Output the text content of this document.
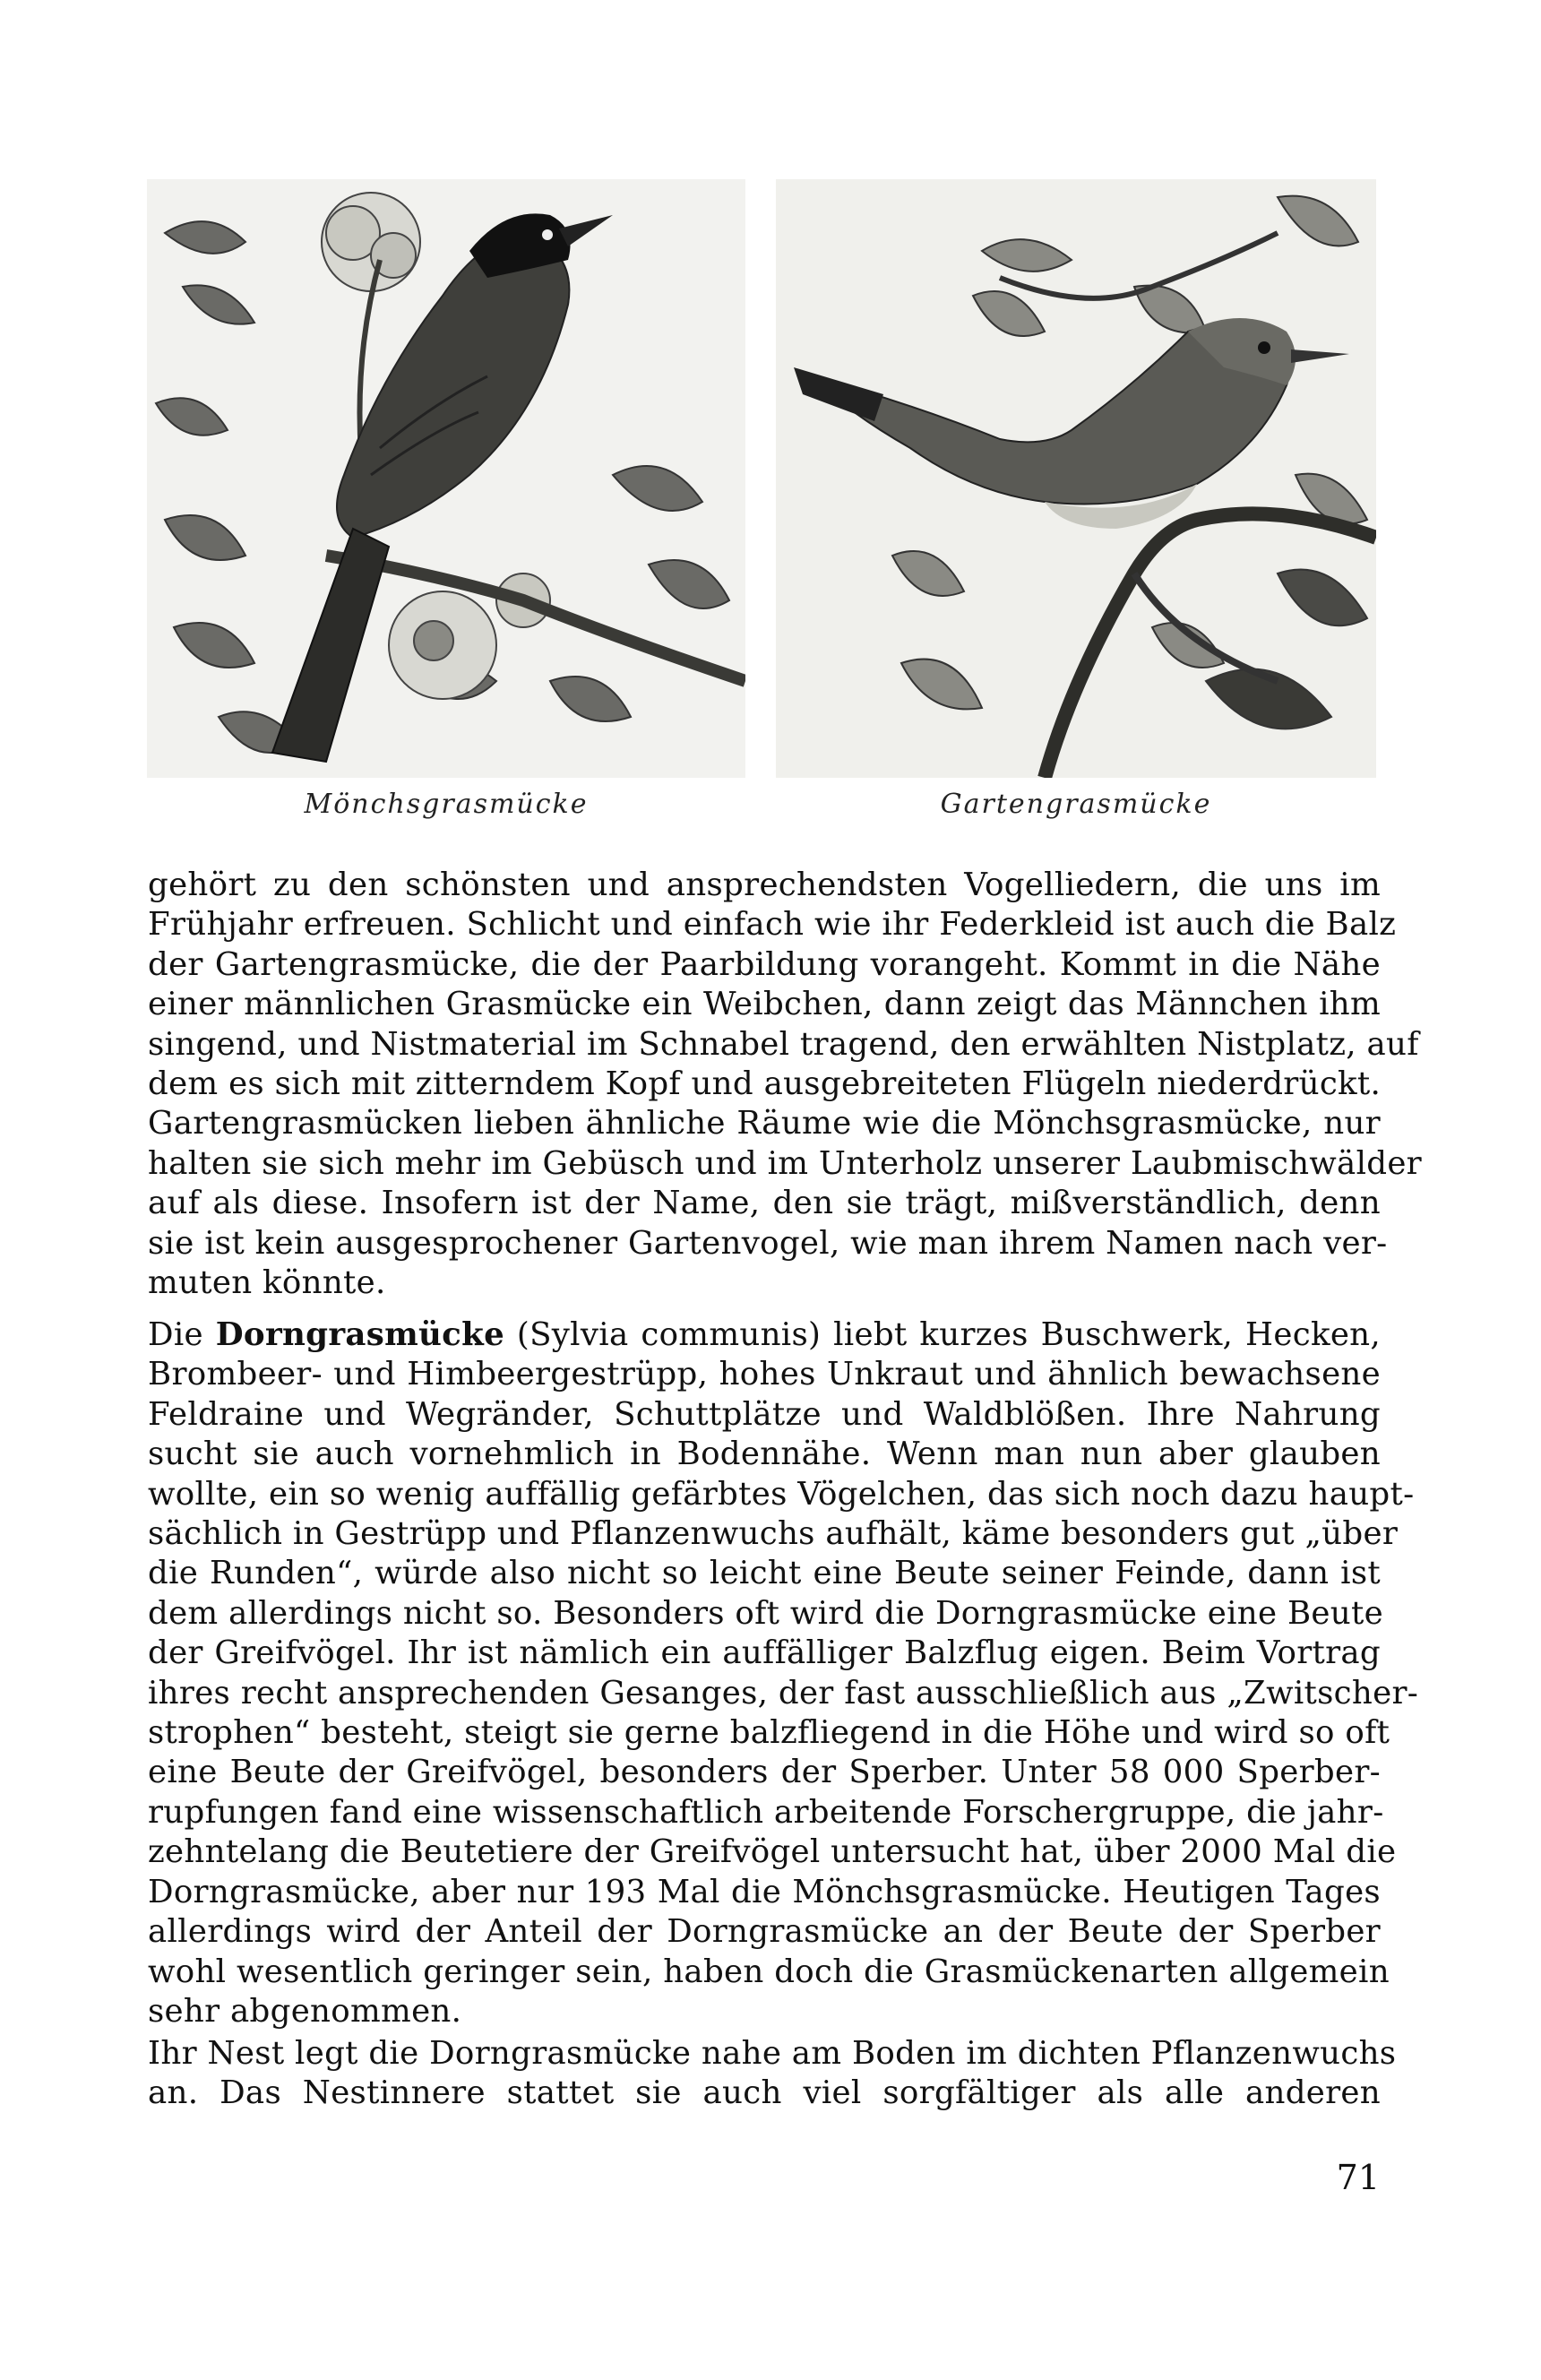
Mönchsgrasmücke	Gartengrasmücke
gehört zu den schönsten und ansprechendsten Vogelliedern, die uns im
Frühjahr erfreuen. Schlicht und einfach wie ihr Federkleid ist auch die Balz
der Gartengrasmücke, die der Paarbildung vorangeht. Kommt in die Nähe
einer männlichen Grasmücke ein Weibchen, dann zeigt das Männchen ihm
singend, und Nistmaterial im Schnabel tragend, den erwählten Nistplatz, auf
dem es sich mit zitterndem Kopf und ausgebreiteten Flügeln niederdrückt.
Gartengrasmücken lieben ähnliche Räume wie die Mönchsgrasmücke, nur
halten sie sich mehr im Gebüsch und im Unterholz unserer Laubmischwälder
auf als diese. Insofern ist der Name, den sie trägt, mißverständlich, denn
sie ist kein ausgesprochener Gartenvogel, wie man ihrem Namen nach ver-
muten könnte.
Die Dorngrasmücke (Sylvia communis) liebt kurzes Buschwerk, Hecken,
Brombeer- und Himbeergestrüpp, hohes Unkraut und ähnlich bewachsene
Feldraine und Wegränder, Schuttplätze und Waldblößen. Ihre Nahrung
sucht sie auch vornehmlich in Bodennähe. Wenn man nun aber glauben
wollte, ein so wenig auffällig gefärbtes Vögelchen, das sich noch dazu haupt-
sächlich in Gestrüpp und Pflanzenwuchs aufhält, käme besonders gut „über
die Runden“, würde also nicht so leicht eine Beute seiner Feinde, dann ist
dem allerdings nicht so. Besonders oft wird die Dorngrasmücke eine Beute
der Greifvögel. Ihr ist nämlich ein auffälliger Balzflug eigen. Beim Vortrag
ihres recht ansprechenden Gesanges, der fast ausschließlich aus „Zwitscher-
strophen“ besteht, steigt sie gerne balzfliegend in die Höhe und wird so oft
eine Beute der Greifvögel, besonders der Sperber. Unter 58 000 Sperber-
rupfungen fand eine wissenschaftlich arbeitende Forschergruppe, die jahr-
zehntelang die Beutetiere der Greifvögel untersucht hat, über 2000 Mal die
Dorngrasmücke, aber nur 193 Mal die Mönchsgrasmücke. Heutigen Tages
allerdings wird der Anteil der Dorngrasmücke an der Beute der Sperber
wohl wesentlich geringer sein, haben doch die Grasmückenarten allgemein
sehr abgenommen.
Ihr Nest legt die Dorngrasmücke nahe am Boden im dichten Pflanzenwuchs
an. Das Nestinnere stattet sie auch viel sorgfältiger als alle anderen
71
